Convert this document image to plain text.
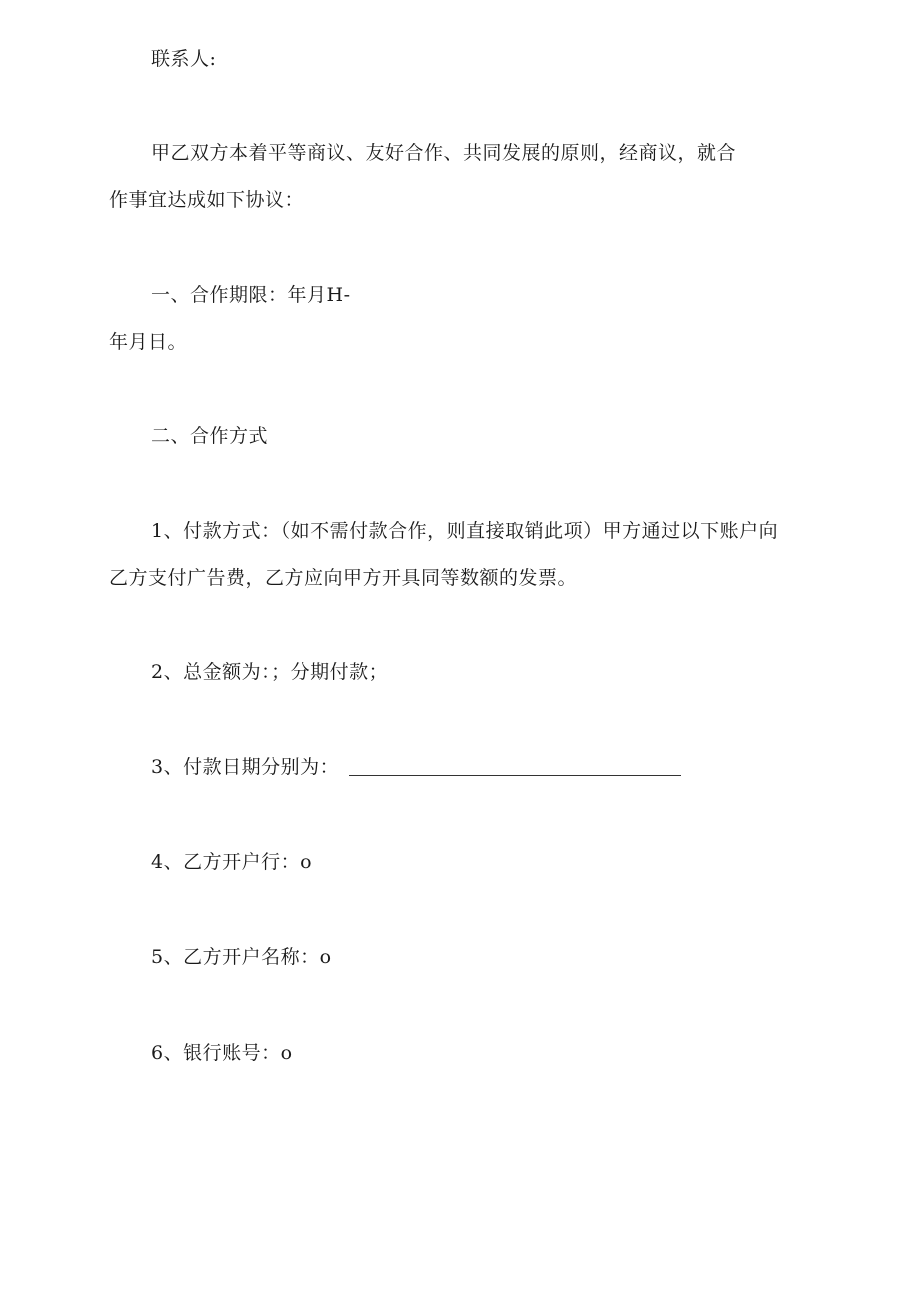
联系人:
甲乙双方本着平等商议、友好合作、共同发展的原则，经商议，就合
作事宜达成如下协议：
一、合作期限：年月H-
年月日。
二、合作方式
1、付款方式：（如不需付款合作，则直接取销此项）甲方通过以下账户向
乙方支付广告费，乙方应向甲方开具同等数额的发票。
2、总金额为：；分期付款；
3、付款日期分别为：
4、乙方开户行：o
5、乙方开户名称：o
6、银行账号：o
